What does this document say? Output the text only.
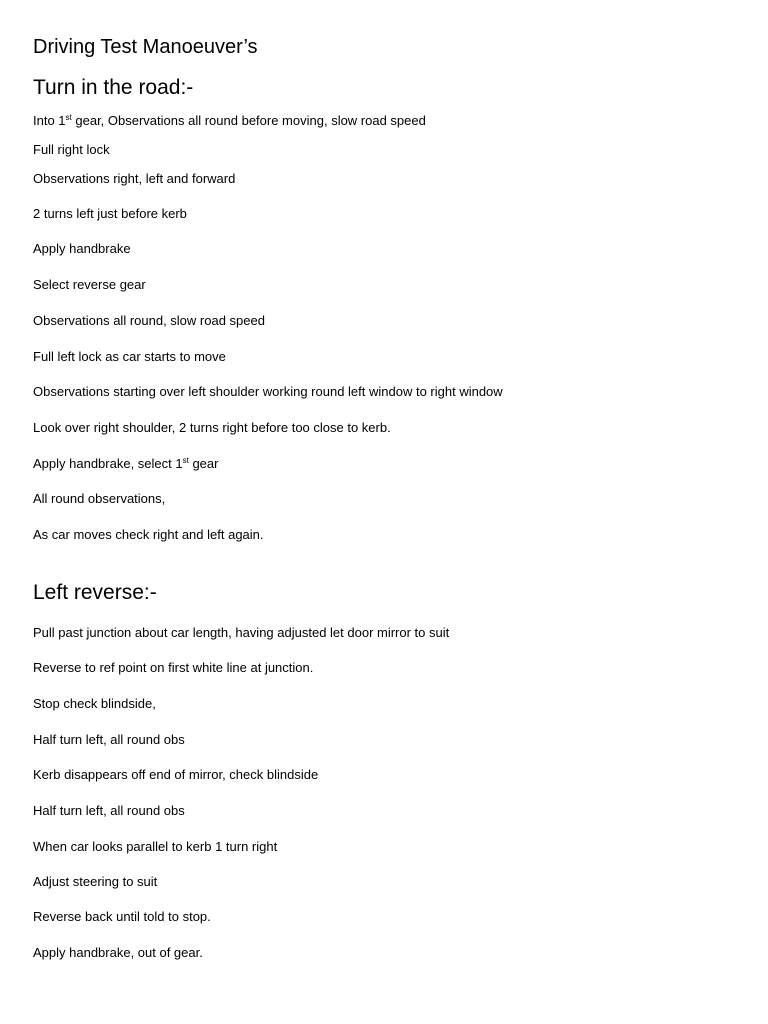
Driving Test Manoeuver’s
Turn in the road:-
Into 1st gear, Observations all round before moving, slow road speed
Full right lock
Observations right, left and forward
2 turns left just before kerb
Apply handbrake
Select reverse gear
Observations all round, slow road speed
Full left lock as car starts to move
Observations starting over left shoulder working round left window to right window
Look over right shoulder, 2 turns right before too close to kerb.
Apply handbrake, select 1st gear
All round observations,
As car moves check right and left again.
Left reverse:-
Pull past junction about car length, having adjusted let door mirror to suit
Reverse to ref point on first white line at junction.
Stop check blindside,
Half turn left, all round obs
Kerb disappears off end of mirror, check blindside
Half turn left, all round obs
When car looks parallel to kerb 1 turn right
Adjust steering to suit
Reverse back until told to stop.
Apply handbrake, out of gear.
